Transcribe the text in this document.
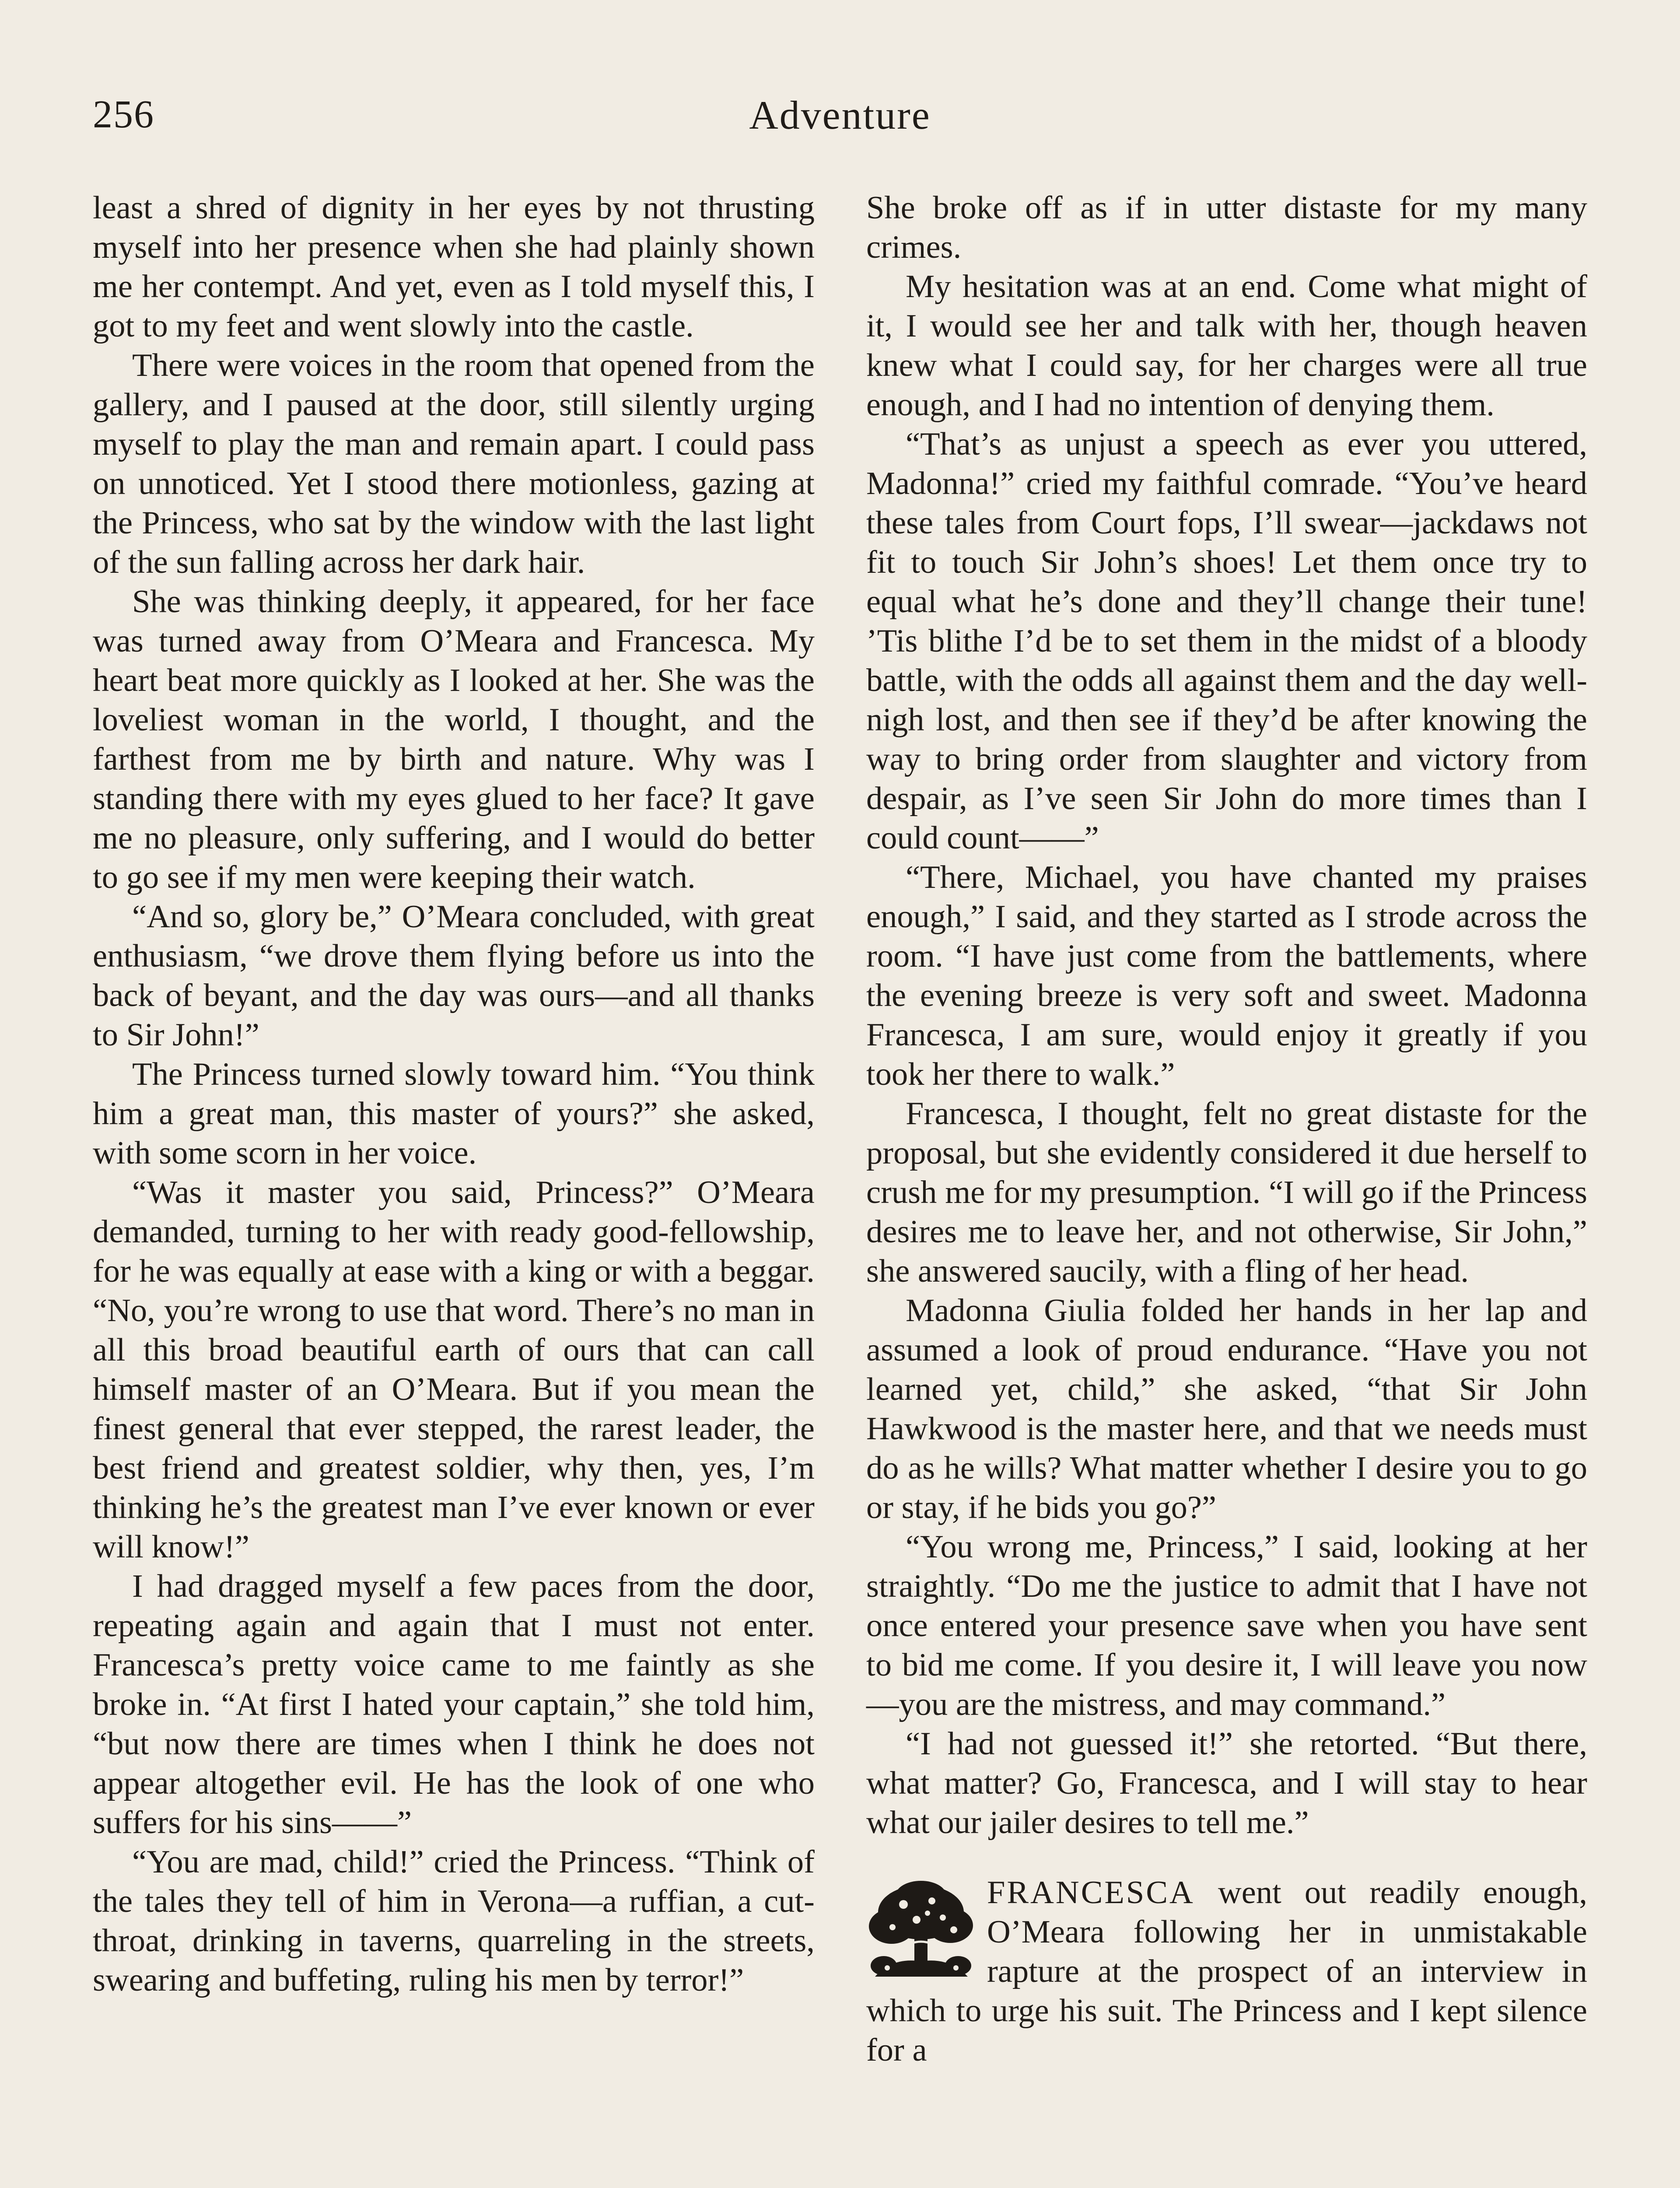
256	Adventure

least a shred of dignity in her eyes by not thrusting myself into her presence when she had plainly shown me her contempt. And yet, even as I told myself this, I got to my feet and went slowly into the castle.

There were voices in the room that opened from the gallery, and I paused at the door, still silently urging myself to play the man and remain apart. I could pass on unnoticed. Yet I stood there motionless, gazing at the Princess, who sat by the window with the last light of the sun falling across her dark hair.

She was thinking deeply, it appeared, for her face was turned away from O’Meara and Francesca. My heart beat more quickly as I looked at her. She was the loveliest woman in the world, I thought, and the farthest from me by birth and nature. Why was I standing there with my eyes glued to her face? It gave me no pleasure, only suffering, and I would do better to go see if my men were keeping their watch.

“And so, glory be,” O’Meara concluded, with great enthusiasm, “we drove them flying before us into the back of beyant, and the day was ours—and all thanks to Sir John!”

The Princess turned slowly toward him. “You think him a great man, this master of yours?” she asked, with some scorn in her voice.

“Was it master you said, Princess?” O’Meara demanded, turning to her with ready good-fellowship, for he was equally at ease with a king or with a beggar. “No, you’re wrong to use that word. There’s no man in all this broad beautiful earth of ours that can call himself master of an O’Meara. But if you mean the finest general that ever stepped, the rarest leader, the best friend and greatest soldier, why then, yes, I’m thinking he’s the greatest man I’ve ever known or ever will know!”

I had dragged myself a few paces from the door, repeating again and again that I must not enter. Francesca’s pretty voice came to me faintly as she broke in. “At first I hated your captain,” she told him, “but now there are times when I think he does not appear altogether evil. He has the look of one who suffers for his sins——”

“You are mad, child!” cried the Princess. “Think of the tales they tell of him in Verona—a ruffian, a cut-throat, drinking in taverns, quarreling in the streets, swearing and buffeting, ruling his men by terror!”

She broke off as if in utter distaste for my many crimes.

My hesitation was at an end. Come what might of it, I would see her and talk with her, though heaven knew what I could say, for her charges were all true enough, and I had no intention of denying them.

“That’s as unjust a speech as ever you uttered, Madonna!” cried my faithful comrade. “You’ve heard these tales from Court fops, I’ll swear—jackdaws not fit to touch Sir John’s shoes! Let them once try to equal what he’s done and they’ll change their tune! ’Tis blithe I’d be to set them in the midst of a bloody battle, with the odds all against them and the day well-nigh lost, and then see if they’d be after knowing the way to bring order from slaughter and victory from despair, as I’ve seen Sir John do more times than I could count——”

“There, Michael, you have chanted my praises enough,” I said, and they started as I strode across the room. “I have just come from the battlements, where the evening breeze is very soft and sweet. Madonna Francesca, I am sure, would enjoy it greatly if you took her there to walk.”

Francesca, I thought, felt no great distaste for the proposal, but she evidently considered it due herself to crush me for my presumption. “I will go if the Princess desires me to leave her, and not otherwise, Sir John,” she answered saucily, with a fling of her head.

Madonna Giulia folded her hands in her lap and assumed a look of proud endurance. “Have you not learned yet, child,” she asked, “that Sir John Hawkwood is the master here, and that we needs must do as he wills? What matter whether I desire you to go or stay, if he bids you go?”

“You wrong me, Princess,” I said, looking at her straightly. “Do me the justice to admit that I have not once entered your presence save when you have sent to bid me come. If you desire it, I will leave you now —you are the mistress, and may command.”

“I had not guessed it!” she retorted. “But there, what matter? Go, Francesca, and I will stay to hear what our jailer desires to tell me.”

FRANCESCA went out readily enough, O’Meara following her in unmistakable rapture at the prospect of an interview in which to urge his suit. The Princess and I kept silence for a
